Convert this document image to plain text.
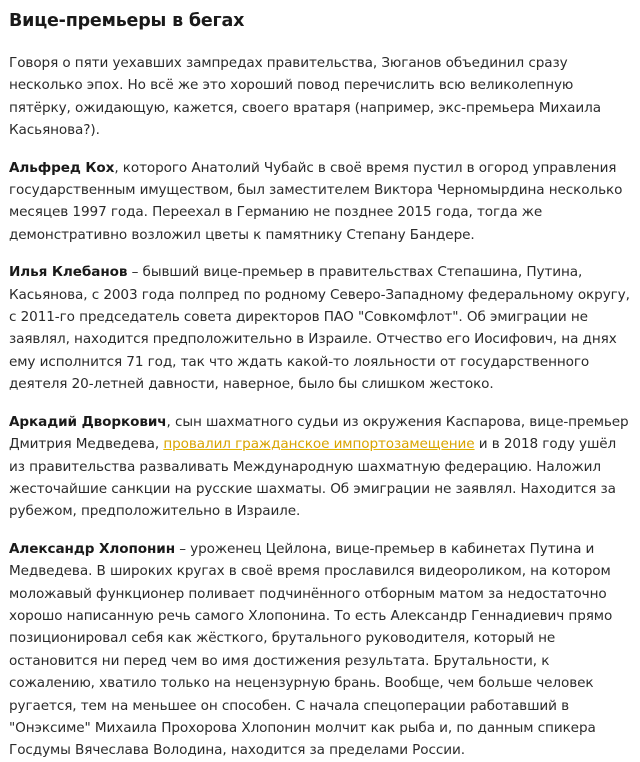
Вице-премьеры в бегах

Говоря о пяти уехавших зампредах правительства, Зюганов объединил сразу несколько эпох. Но всё же это хороший повод перечислить всю великолепную пятёрку, ожидающую, кажется, своего вратаря (например, экс-премьера Михаила Касьянова?).

Альфред Кох, которого Анатолий Чубайс в своё время пустил в огород управления государственным имуществом, был заместителем Виктора Черномырдина несколько месяцев 1997 года. Переехал в Германию не позднее 2015 года, тогда же демонстративно возложил цветы к памятнику Степану Бандере.

Илья Клебанов – бывший вице-премьер в правительствах Степашина, Путина, Касьянова, с 2003 года полпред по родному Северо-Западному федеральному округу, с 2011-го председатель совета директоров ПАО "Совкомфлот". Об эмиграции не заявлял, находится предположительно в Израиле. Отчество его Иосифович, на днях ему исполнится 71 год, так что ждать какой-то лояльности от государственного деятеля 20-летней давности, наверное, было бы слишком жестоко.

Аркадий Дворкович, сын шахматного судьи из окружения Каспарова, вице-премьер Дмитрия Медведева, провалил гражданское импортозамещение и в 2018 году ушёл из правительства разваливать Международную шахматную федерацию. Наложил жесточайшие санкции на русские шахматы. Об эмиграции не заявлял. Находится за рубежом, предположительно в Израиле.

Александр Хлопонин – уроженец Цейлона, вице-премьер в кабинетах Путина и Медведева. В широких кругах в своё время прославился видеороликом, на котором моложавый функционер поливает подчинённого отборным матом за недостаточно хорошо написанную речь самого Хлопонина. То есть Александр Геннадиевич прямо позиционировал себя как жёсткого, брутального руководителя, который не остановится ни перед чем во имя достижения результата. Брутальности, к сожалению, хватило только на нецензурную брань. Вообще, чем больше человек ругается, тем на меньшее он способен. С начала спецоперации работавший в "Онэксиме" Михаила Прохорова Хлопонин молчит как рыба и, по данным спикера Госдумы Вячеслава Володина, находится за пределами России.
